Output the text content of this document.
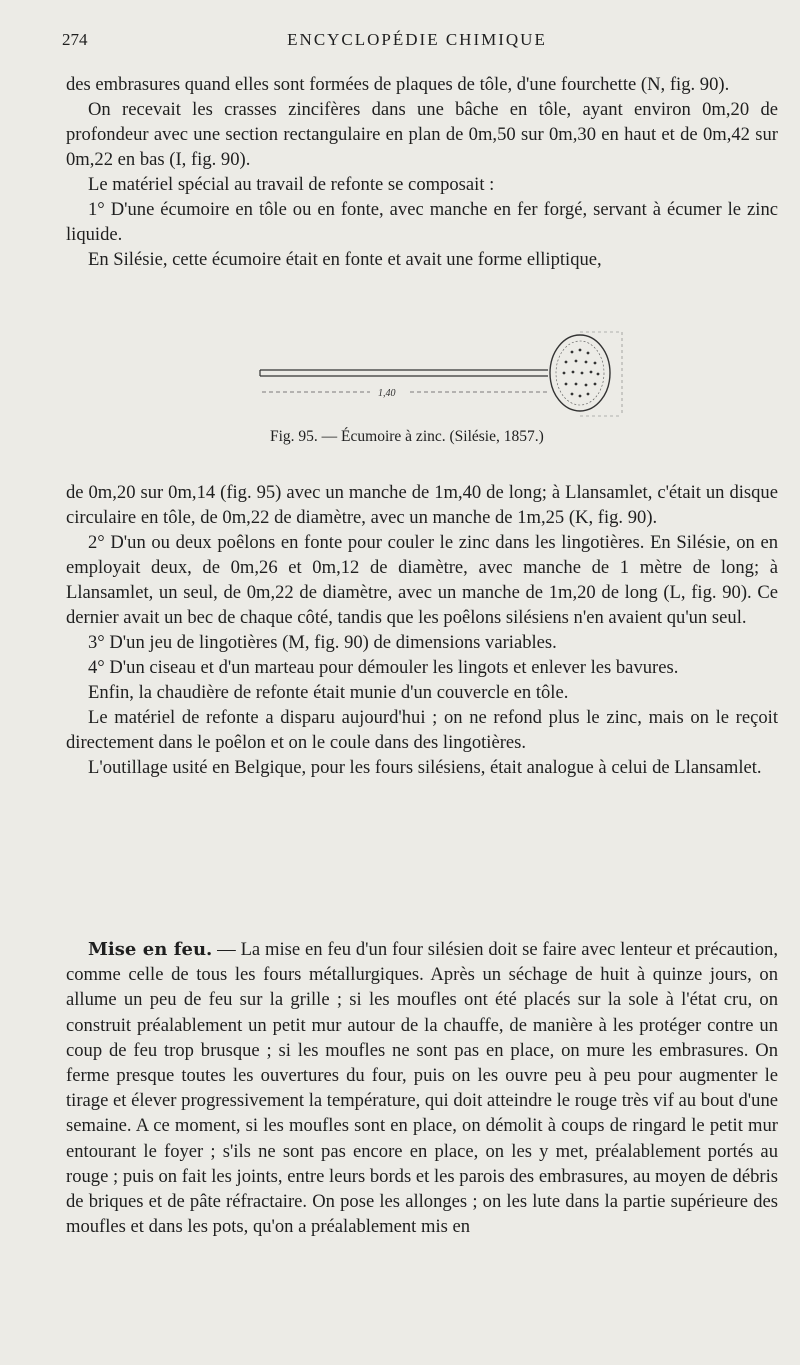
274	ENCYCLOPÉDIE CHIMIQUE

des embrasures quand elles sont formées de plaques de tôle, d'une fourchette (N, fig. 90).

On recevait les crasses zincifères dans une bâche en tôle, ayant environ 0m,20 de profondeur avec une section rectangulaire en plan de 0m,50 sur 0m,30 en haut et de 0m,42 sur 0m,22 en bas (I, fig. 90).

Le matériel spécial au travail de refonte se composait :

1° D'une écumoire en tôle ou en fonte, avec manche en fer forgé, servant à écumer le zinc liquide.

En Silésie, cette écumoire était en fonte et avait une forme elliptique,

1,40
Fig. 95. — Écumoire à zinc. (Silésie, 1857.)

de 0m,20 sur 0m,14 (fig. 95) avec un manche de 1m,40 de long; à Llansamlet, c'était un disque circulaire en tôle, de 0m,22 de diamètre, avec un manche de 1m,25 (K, fig. 90).

2° D'un ou deux poêlons en fonte pour couler le zinc dans les lingotières. En Silésie, on en employait deux, de 0m,26 et 0m,12 de diamètre, avec manche de 1 mètre de long; à Llansamlet, un seul, de 0m,22 de diamètre, avec un manche de 1m,20 de long (L, fig. 90). Ce dernier avait un bec de chaque côté, tandis que les poêlons silésiens n'en avaient qu'un seul.

3° D'un jeu de lingotières (M, fig. 90) de dimensions variables.

4° D'un ciseau et d'un marteau pour démouler les lingots et enlever les bavures.

Enfin, la chaudière de refonte était munie d'un couvercle en tôle.

Le matériel de refonte a disparu aujourd'hui ; on ne refond plus le zinc, mais on le reçoit directement dans le poêlon et on le coule dans des lingotières.

L'outillage usité en Belgique, pour les fours silésiens, était analogue à celui de Llansamlet.

Mise en feu. — La mise en feu d'un four silésien doit se faire avec lenteur et précaution, comme celle de tous les fours métallurgiques. Après un séchage de huit à quinze jours, on allume un peu de feu sur la grille ; si les moufles ont été placés sur la sole à l'état cru, on construit préalablement un petit mur autour de la chauffe, de manière à les protéger contre un coup de feu trop brusque ; si les moufles ne sont pas en place, on mure les embrasures. On ferme presque toutes les ouvertures du four, puis on les ouvre peu à peu pour augmenter le tirage et élever progressivement la température, qui doit atteindre le rouge très vif au bout d'une semaine. A ce moment, si les moufles sont en place, on démolit à coups de ringard le petit mur entourant le foyer ; s'ils ne sont pas encore en place, on les y met, préalablement portés au rouge ; puis on fait les joints, entre leurs bords et les parois des embrasures, au moyen de débris de briques et de pâte réfractaire. On pose les allonges ; on les lute dans la partie supérieure des moufles et dans les pots, qu'on a préalablement mis en
